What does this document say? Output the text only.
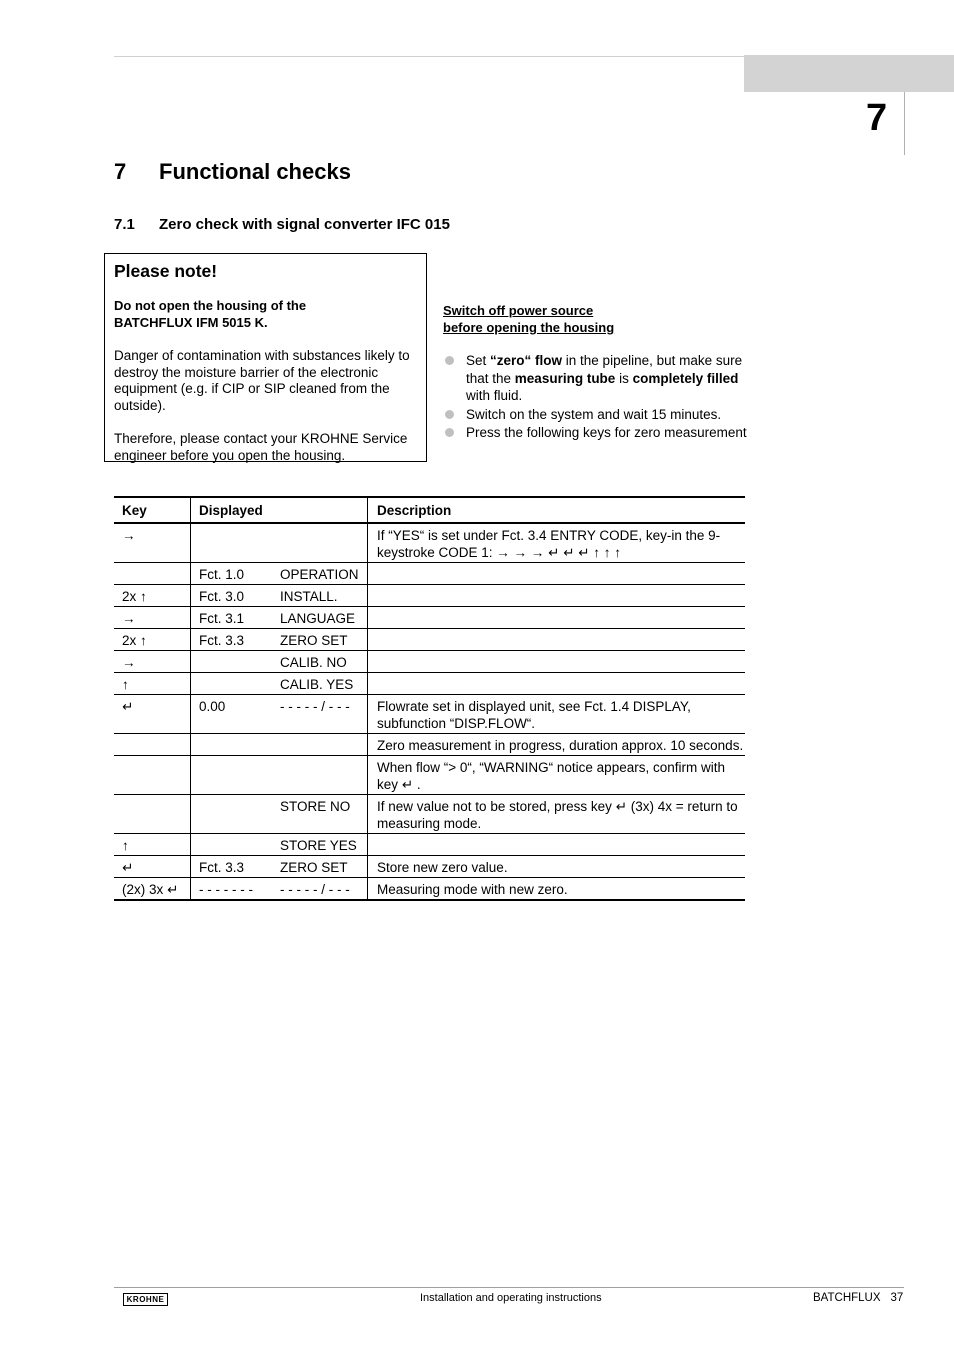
7
7 Functional checks
7.1 Zero check with signal converter IFC 015
Please note!
Do not open the housing of the
BATCHFLUX IFM 5015 K.
Danger of contamination with substances likely to destroy the moisture barrier of the electronic equipment (e.g. if CIP or SIP cleaned from the outside).
Therefore, please contact your KROHNE Service engineer before you open the housing.
Switch off power source
before opening the housing
Set “zero“ flow in the pipeline, but make sure that the measuring tube is completely filled with fluid.
Switch on the system and wait 15 minutes.
Press the following keys for zero measurement
Key	Displayed		Description
→			If “YES“ is set under Fct. 3.4 ENTRY CODE, key-in the 9-keystroke CODE 1: → → → ↵ ↵ ↵ ↑ ↑ ↑
	Fct. 1.0	OPERATION	
2x ↑	Fct. 3.0	INSTALL.	
→	Fct. 3.1	LANGUAGE	
2x ↑	Fct. 3.3	ZERO SET	
→		CALIB. NO	
↑		CALIB. YES	
↵	0.00	- - - - - / - - -	Flowrate set in displayed unit, see Fct. 1.4 DISPLAY, subfunction “DISP.FLOW“.
			Zero measurement in progress, duration approx. 10 seconds.
			When flow “> 0“, “WARNING“ notice appears, confirm with key ↵ .
		STORE NO	If new value not to be stored, press key ↵ (3x) 4x = return to measuring mode.
↑		STORE YES	
↵	Fct. 3.3	ZERO SET	Store new zero value.
(2x) 3x ↵	- - - - - - -	- - - - - / - - -	Measuring mode with new zero.
KROHNE	Installation and operating instructions	BATCHFLUX 37
